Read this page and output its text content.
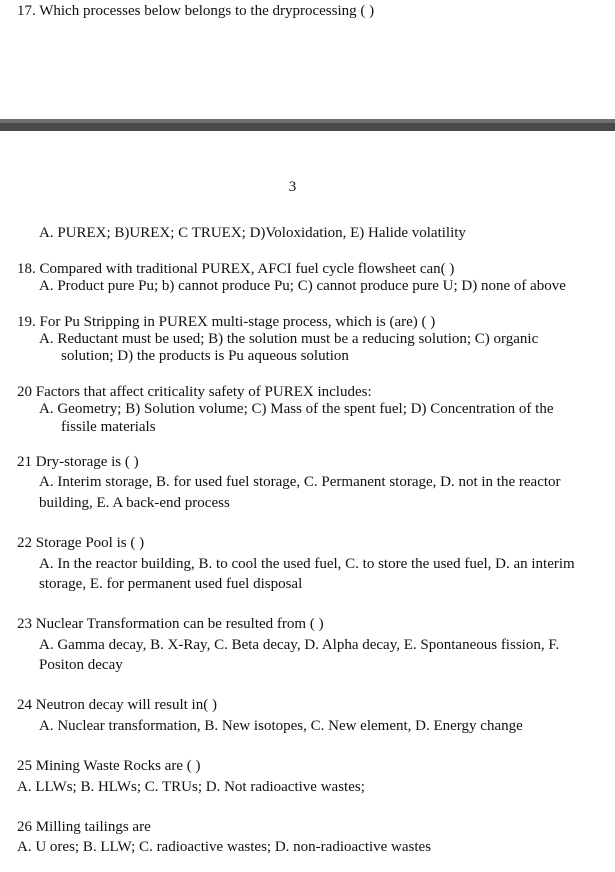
17. Which processes below belongs to the dryprocessing ( )
3
A. PUREX; B)UREX; C TRUEX; D)Voloxidation, E) Halide volatility
18. Compared with traditional PUREX, AFCI fuel cycle flowsheet can( )
A. Product pure Pu; b) cannot produce Pu; C) cannot produce pure U; D) none of above
19. For Pu Stripping in PUREX multi-stage process, which is (are) ( )
A. Reductant must be used; B) the solution must be a reducing solution; C) organic
solution; D) the products is Pu aqueous solution
20 Factors that affect criticality safety of PUREX includes:
A. Geometry; B) Solution volume; C) Mass of the spent fuel; D) Concentration of the
fissile materials
21 Dry-storage is ( )
A. Interim storage, B. for used fuel storage, C. Permanent storage, D. not in the reactor
building, E. A back-end process
22 Storage Pool is ( )
A. In the reactor building, B. to cool the used fuel, C. to store the used fuel, D. an interim
storage, E. for permanent used fuel disposal
23 Nuclear Transformation can be resulted from ( )
A. Gamma decay, B. X-Ray, C. Beta decay, D. Alpha decay, E. Spontaneous fission, F.
Positon decay
24 Neutron decay will result in( )
A. Nuclear transformation, B. New isotopes, C. New element, D. Energy change
25 Mining Waste Rocks are ( )
A. LLWs; B. HLWs; C. TRUs; D. Not radioactive wastes;
26 Milling tailings are
A. U ores; B. LLW; C. radioactive wastes; D. non-radioactive wastes
